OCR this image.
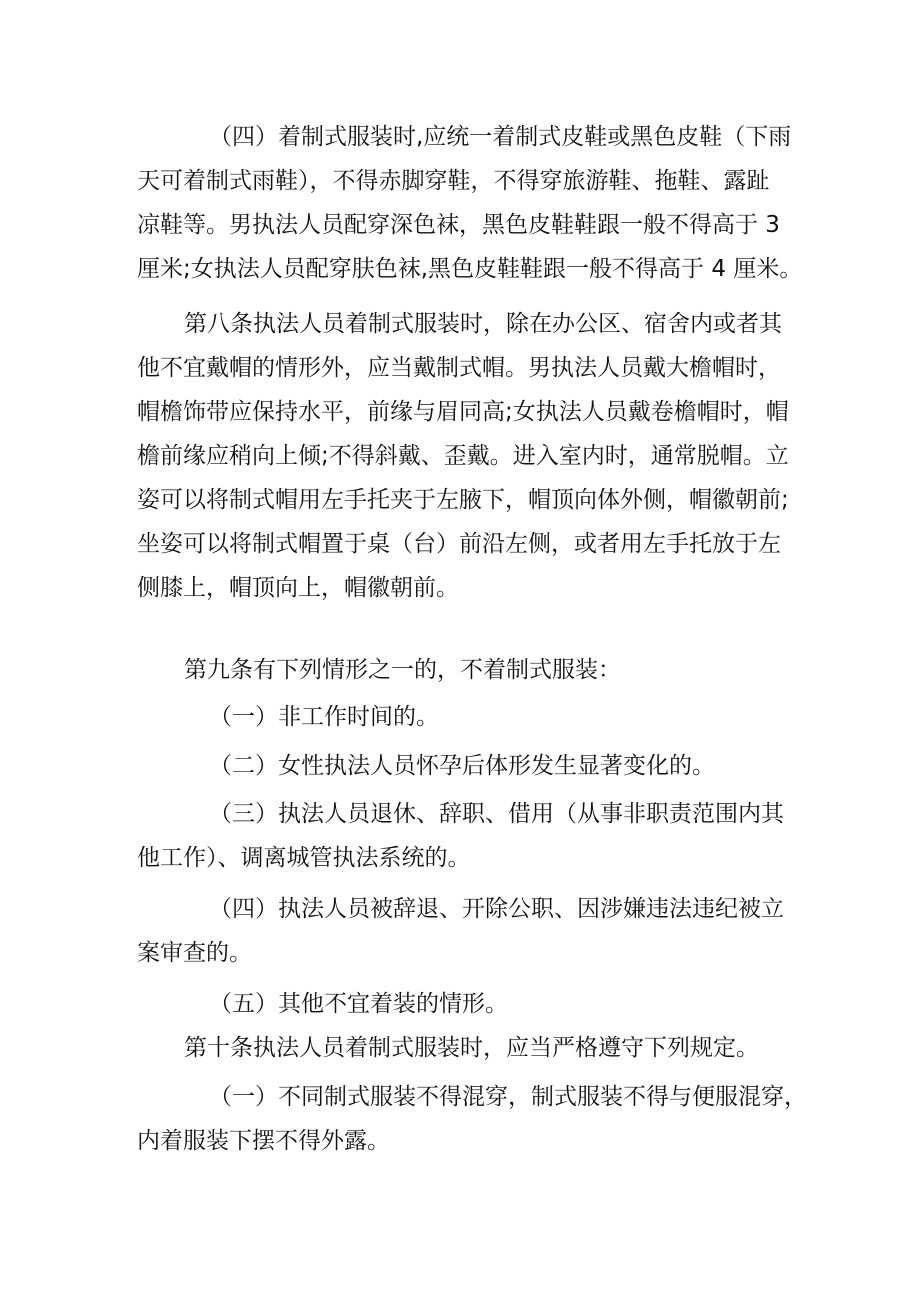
（四）着制式服装时,应统一着制式皮鞋或黑色皮鞋（下雨
天可着制式雨鞋），不得赤脚穿鞋，不得穿旅游鞋、拖鞋、露趾
凉鞋等。男执法人员配穿深色袜，黑色皮鞋鞋跟一般不得高于 3
厘米;女执法人员配穿肤色袜,黑色皮鞋鞋跟一般不得高于 4 厘米。
第八条执法人员着制式服装时，除在办公区、宿舍内或者其
他不宜戴帽的情形外，应当戴制式帽。男执法人员戴大檐帽时，
帽檐饰带应保持水平，前缘与眉同高;女执法人员戴卷檐帽时，帽
檐前缘应稍向上倾;不得斜戴、歪戴。进入室内时，通常脱帽。立
姿可以将制式帽用左手托夹于左腋下，帽顶向体外侧，帽徽朝前;
坐姿可以将制式帽置于桌（台）前沿左侧，或者用左手托放于左
侧膝上，帽顶向上，帽徽朝前。
第九条有下列情形之一的，不着制式服装：
（一）非工作时间的。
（二）女性执法人员怀孕后体形发生显著变化的。
（三）执法人员退休、辞职、借用（从事非职责范围内其
他工作）、调离城管执法系统的。
（四）执法人员被辞退、开除公职、因涉嫌违法违纪被立
案审查的。
（五）其他不宜着装的情形。
第十条执法人员着制式服装时，应当严格遵守下列规定。
（一）不同制式服装不得混穿，制式服装不得与便服混穿，
内着服装下摆不得外露。
